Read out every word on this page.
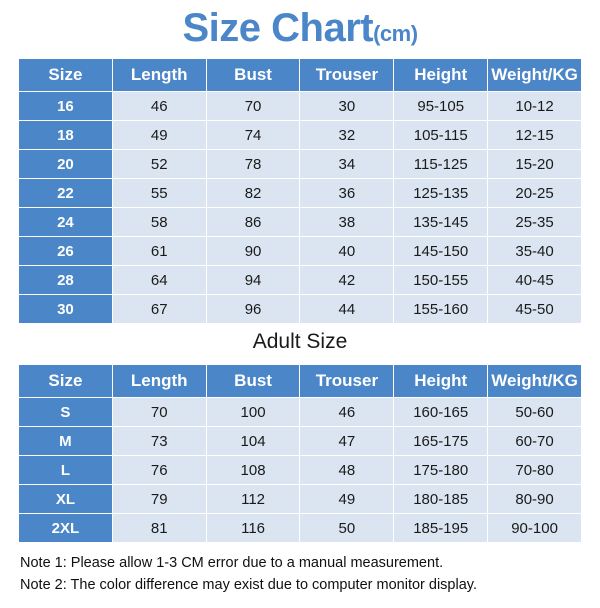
Size Chart(cm)
Size	Length	Bust	Trouser	Height	Weight/KG
16	46	70	30	95-105	10-12
18	49	74	32	105-115	12-15
20	52	78	34	115-125	15-20
22	55	82	36	125-135	20-25
24	58	86	38	135-145	25-35
26	61	90	40	145-150	35-40
28	64	94	42	150-155	40-45
30	67	96	44	155-160	45-50
Adult Size
Size	Length	Bust	Trouser	Height	Weight/KG
S	70	100	46	160-165	50-60
M	73	104	47	165-175	60-70
L	76	108	48	175-180	70-80
XL	79	112	49	180-185	80-90
2XL	81	116	50	185-195	90-100
Note 1: Please allow 1-3 CM error due to a manual measurement.
Note 2: The color difference may exist due to computer monitor display.
